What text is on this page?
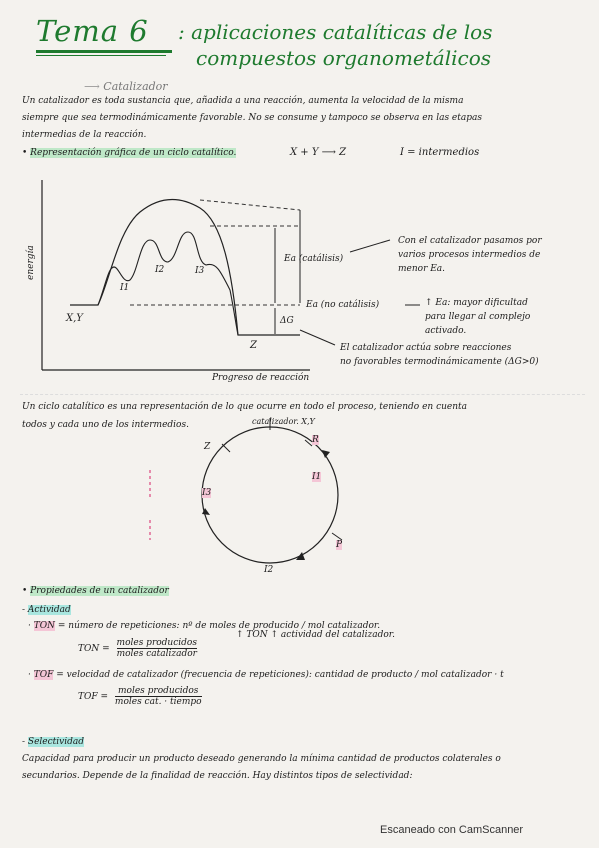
Tema 6 : aplicaciones catalíticas de los
compuestos organometálicos
⟶ Catalizador
Un catalizador es toda sustancia que, añadida a una reacción, aumenta la velocidad de la misma
siempre que sea termodinámicamente favorable. No se consume y tampoco se observa en las etapas
intermedias de la reacción.
• Representación gráfica de un ciclo catalítico.	X + Y ⟶ Z	I = intermedios
energía
Progreso de reacción
X,Y
Z
I1
I2	I3
Ea (catálisis)
Ea (no catálisis)
ΔG
Con el catalizador pasamos por
varios procesos intermedios de
menor Ea.
↑ Ea: mayor dificultad
para llegar al complejo
activado.
El catalizador actúa sobre reacciones
no favorables termodinámicamente (ΔG>0)
Un ciclo catalítico es una representación de lo que ocurre en todo el proceso, teniendo en cuenta
todos y cada uno de los intermedios.	catalizador. X,Y
R
Z
I1
I3
P
I2
• Propiedades de un catalizador
- Actividad
· TON = número de repeticiones: nº de moles de producido / mol catalizador.
TON =
moles producidos
moles catalizador
↑ TON ↑ actividad del catalizador.
· TOF = velocidad de catalizador (frecuencia de repeticiones): cantidad de producto / mol catalizador · t
TOF =
moles producidos
moles cat. · tiempo
- Selectividad
Capacidad para producir un producto deseado generando la mínima cantidad de productos colaterales o
secundarios. Depende de la finalidad de reacción. Hay distintos tipos de selectividad:
Escaneado con CamScanner
